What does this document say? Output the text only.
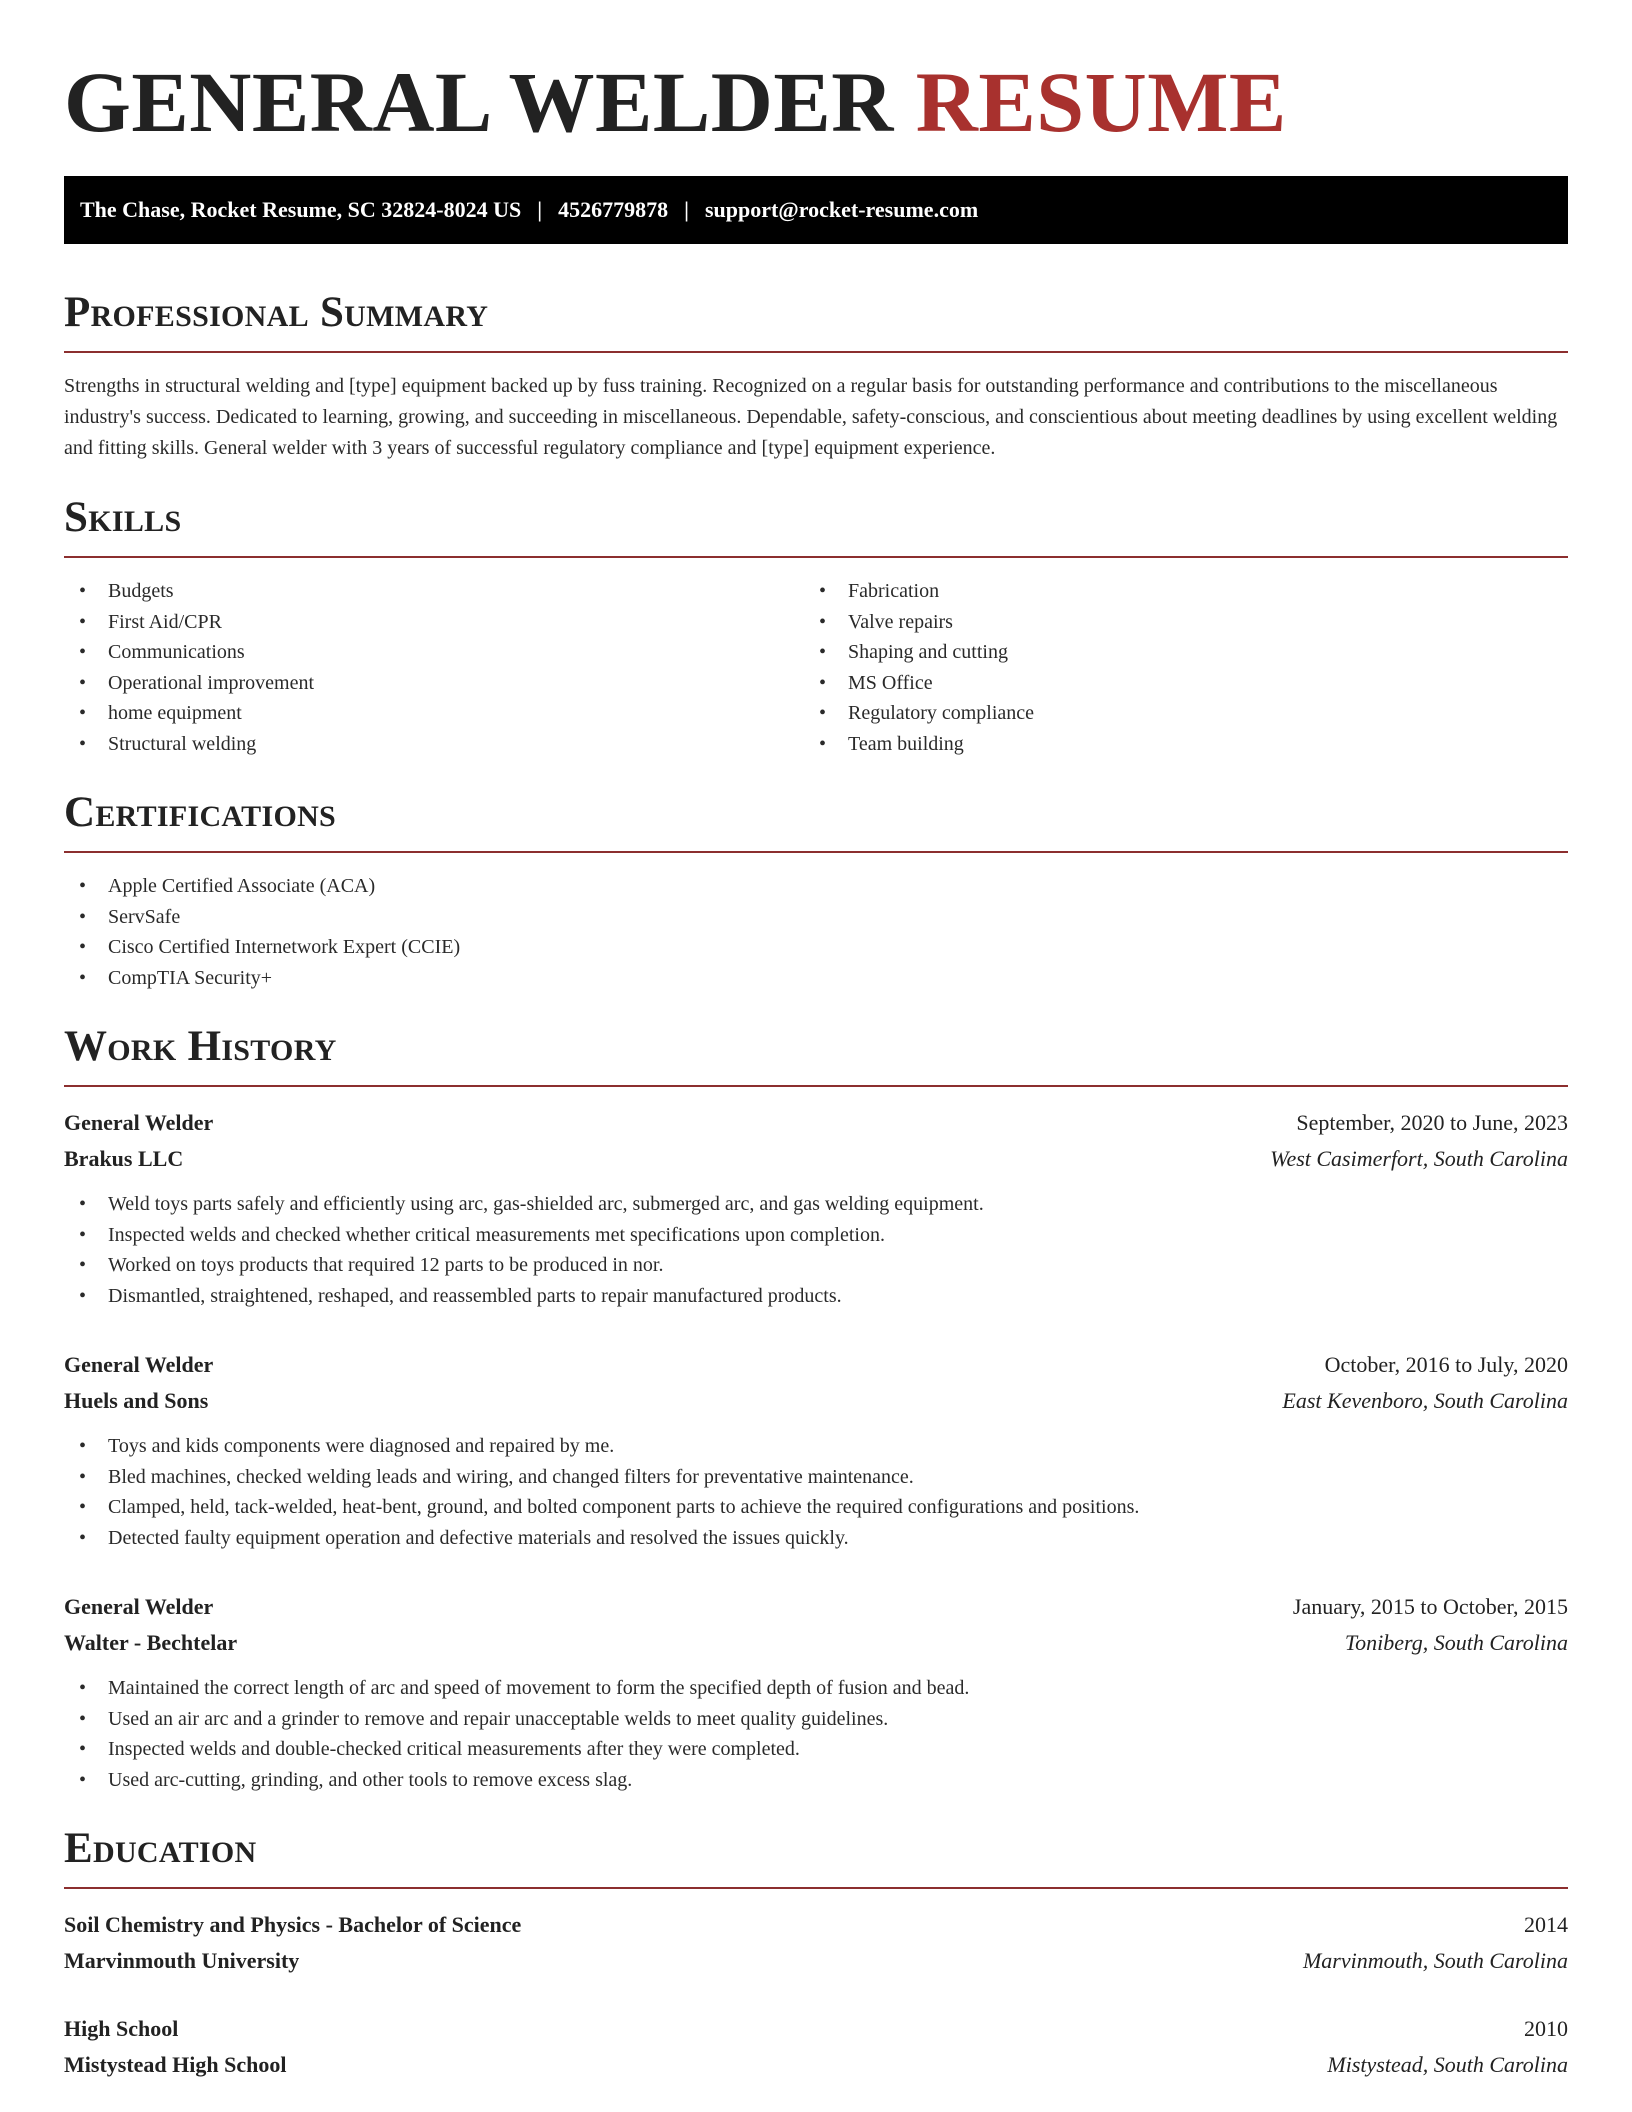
GENERAL WELDER RESUME
The Chase, Rocket Resume, SC 32824-8024 US | 4526779878 | support@rocket-resume.com
Professional Summary

Strengths in structural welding and [type] equipment backed up by fuss training. Recognized on a regular basis for outstanding performance and contributions to the miscellaneous industry's success. Dedicated to learning, growing, and succeeding in miscellaneous. Dependable, safety-conscious, and conscientious about meeting deadlines by using excellent welding and fitting skills. General welder with 3 years of successful regulatory compliance and [type] equipment experience.

Skills
• Budgets
• First Aid/CPR
• Communications
• Operational improvement
• home equipment
• Structural welding
• Fabrication
• Valve repairs
• Shaping and cutting
• MS Office
• Regulatory compliance
• Team building
Certifications
• Apple Certified Associate (ACA)
• ServSafe
• Cisco Certified Internetwork Expert (CCIE)
• CompTIA Security+
Work History
General Welder	September, 2020 to June, 2023
Brakus LLC	West Casimerfort, South Carolina
• Weld toys parts safely and efficiently using arc, gas-shielded arc, submerged arc, and gas welding equipment.
• Inspected welds and checked whether critical measurements met specifications upon completion.
• Worked on toys products that required 12 parts to be produced in nor.
• Dismantled, straightened, reshaped, and reassembled parts to repair manufactured products.
General Welder	October, 2016 to July, 2020
Huels and Sons	East Kevenboro, South Carolina
• Toys and kids components were diagnosed and repaired by me.
• Bled machines, checked welding leads and wiring, and changed filters for preventative maintenance.
• Clamped, held, tack-welded, heat-bent, ground, and bolted component parts to achieve the required configurations and positions.
• Detected faulty equipment operation and defective materials and resolved the issues quickly.
General Welder	January, 2015 to October, 2015
Walter - Bechtelar	Toniberg, South Carolina
• Maintained the correct length of arc and speed of movement to form the specified depth of fusion and bead.
• Used an air arc and a grinder to remove and repair unacceptable welds to meet quality guidelines.
• Inspected welds and double-checked critical measurements after they were completed.
• Used arc-cutting, grinding, and other tools to remove excess slag.
Education
Soil Chemistry and Physics - Bachelor of Science	2014
Marvinmouth University	Marvinmouth, South Carolina
High School	2010
Mistystead High School	Mistystead, South Carolina
